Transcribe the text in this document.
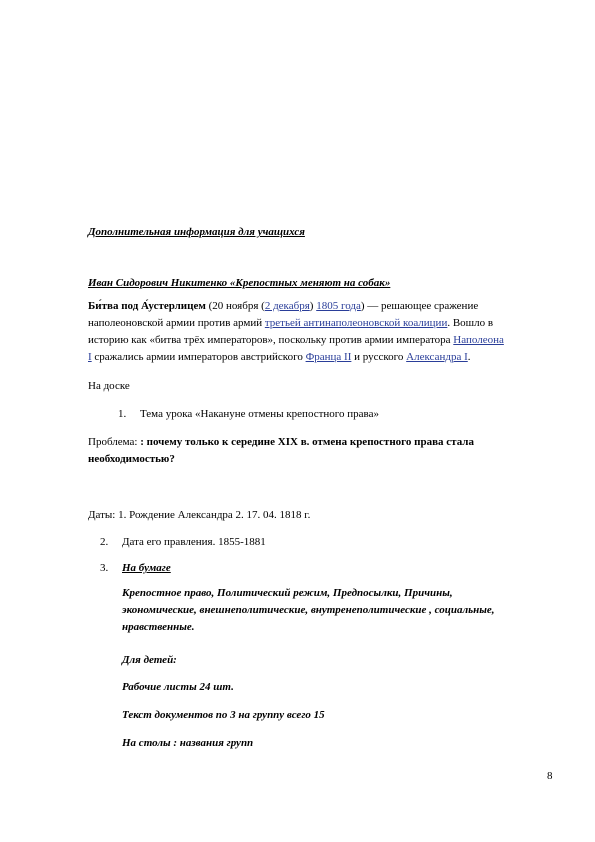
Дополнительная информация для учащихся
Иван Сидорович Никитенко «Крепостных меняют на собак»
Би́тва под А́устерлицем (20 ноября (2 декабря) 1805 года) — решающее сражение
наполеоновской армии против армий третьей антинаполеоновской коалиции. Вошло в
историю как «битва трёх императоров», поскольку против армии императора Наполеона
I сражались армии императоров австрийского Франца II и русского Александра I.
На доске
1. Тема урока «Накануне отмены крепостного права»
Проблема: : почему только к середине XIX в. отмена крепостного права стала
необходимостью?
Даты: 1. Рождение Александра 2. 17. 04. 1818 г.
2. Дата его правления. 1855-1881
3. На бумаге
Крепостное право, Политический режим, Предпосылки, Причины,
экономические, внешнеполитические, внутренеполитические , социальные,
нравственные.
Для детей:
Рабочие листы 24 шт.
Текст документов по 3 на группу всего 15
На столы : названия групп
8
